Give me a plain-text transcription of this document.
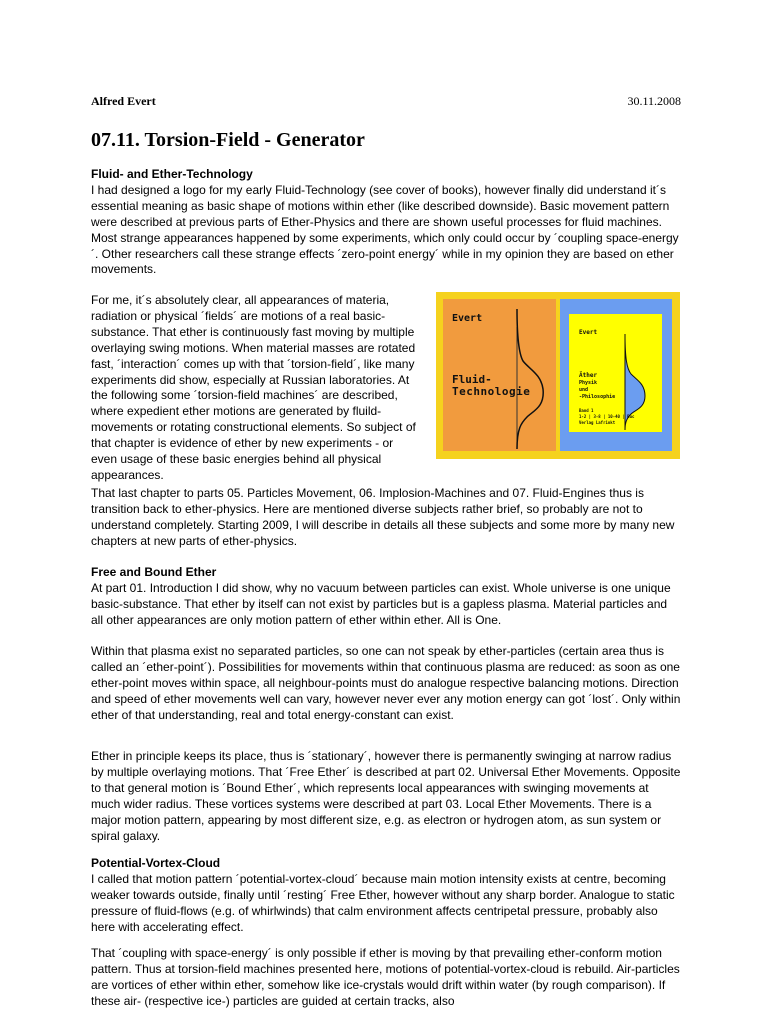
Alfred Evert	30.11.2008
07.11. Torsion-Field - Generator
Fluid- and Ether-Technology

I had designed a logo for my early Fluid-Technology (see cover of books), however finally did understand it´s essential meaning as basic shape of motions within ether (like described downside). Basic movement pattern were described at previous parts of Ether-Physics and there are shown useful processes for fluid machines. Most strange appearances happened by some experiments, which only could occur by ´coupling space-energy´. Other researchers call these strange effects ´zero-point energy´ while in my opinion they are based on ether movements.

For me, it´s absolutely clear, all appearances of materia, radiation or physical ´fields´ are motions of a real basic-substance. That ether is continuously fast moving by multiple overlaying swing motions. When material masses are rotated fast, ´interaction´ comes up with that ´torsion-field´, like many experiments did show, especially at Russian laboratories. At the following some ´torsion-field machines´ are described, where expedient ether motions are generated by fluild-movements or rotating constructional elements. So subject of that chapter is evidence of ether by new experiments - or even usage of these basic energies behind all physical appearances.

Evert
Fluid-
Technologie
Evert
Äther
Physik
und
-Philosophie
Band 1
1-2 | 3-8 | 10-40 | Buc
Verlag Lafrinkt

That last chapter to parts 05. Particles Movement, 06. Implosion-Machines and 07. Fluid-Engines thus is transition back to ether-physics. Here are mentioned diverse subjects rather brief, so probably are not to understand completely. Starting 2009, I will describe in details all these subjects and some more by many new chapters at new parts of ether-physics.

Free and Bound Ether

At part 01. Introduction I did show, why no vacuum between particles can exist. Whole universe is one unique basic-substance. That ether by itself can not exist by particles but is a gapless plasma. Material particles and all other appearances are only motion pattern of ether within ether. All is One.

Within that plasma exist no separated particles, so one can not speak by ether-particles (certain area thus is called an ´ether-point´). Possibilities for movements within that continuous plasma are reduced: as soon as one ether-point moves within space, all neighbour-points must do analogue respective balancing motions. Direction and speed of ether movements well can vary, however never ever any motion energy can got ´lost´. Only within ether of that understanding, real and total energy-constant can exist.

Ether in principle keeps its place, thus is ´stationary´, however there is permanently swinging at narrow radius by multiple overlaying motions. That ´Free Ether´ is described at part 02. Universal Ether Movements. Opposite to that general motion is ´Bound Ether´, which represents local appearances with swinging movements at much wider radius. These vortices systems were described at part 03. Local Ether Movements. There is a major motion pattern, appearing by most different size, e.g. as electron or hydrogen atom, as sun system or spiral galaxy.

Potential-Vortex-Cloud

I called that motion pattern ´potential-vortex-cloud´ because main motion intensity exists at centre, becoming weaker towards outside, finally until ´resting´ Free Ether, however without any sharp border. Analogue to static pressure of fluid-flows (e.g. of whirlwinds) that calm environment affects centripetal pressure, probably also here with accelerating effect.

That ´coupling with space-energy´ is only possible if ether is moving by that prevailing ether-conform motion pattern. Thus at torsion-field machines presented here, motions of potential-vortex-cloud is rebuild. Air-particles are vortices of ether within ether, somehow like ice-crystals would drift within water (by rough comparison). If these air- (respective ice-) particles are guided at certain tracks, also
